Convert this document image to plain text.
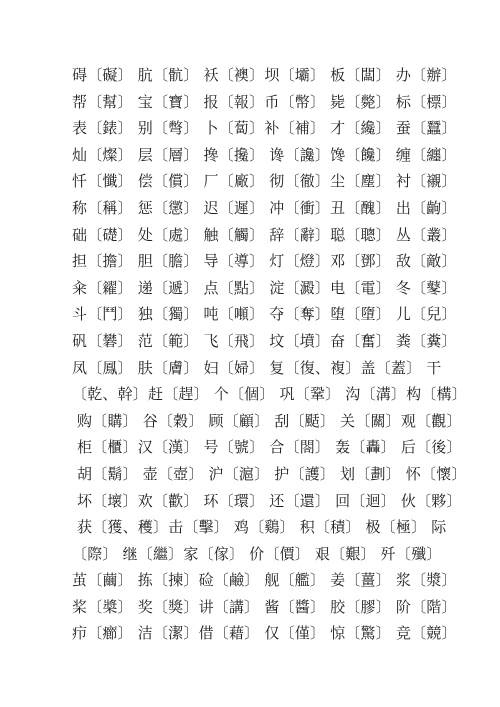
碍〔礙〕 肮〔骯〕 袄〔襖〕坝〔壩〕 板〔闆〕 办〔辦〕
帮〔幫〕 宝〔寶〕 报〔報〕币〔幣〕 毙〔斃〕 标〔標〕
表〔錶〕 别〔彆〕 卜〔蔔〕补〔補〕 才〔纔〕 蚕〔蠶〕
灿〔燦〕 层〔層〕 搀〔攙〕 谗〔讒〕馋〔饞〕 缠〔纏〕
忏〔懺〕 偿〔償〕 厂〔廠〕 彻〔徹〕尘〔塵〕 衬〔襯〕
称〔稱〕 惩〔懲〕 迟〔遲〕 冲〔衝〕丑〔醜〕 出〔齣〕
础〔礎〕 处〔處〕 触〔觸〕 辞〔辭〕聪〔聰〕 丛〔叢〕
担〔擔〕 胆〔膽〕 导〔導〕 灯〔燈〕邓〔鄧〕 敌〔敵〕
籴〔糴〕 递〔遞〕 点〔點〕 淀〔澱〕电〔電〕 冬〔鼕〕
斗〔鬥〕 独〔獨〕 吨〔噸〕 夺〔奪〕堕〔墮〕 儿〔兒〕
矾〔礬〕 范〔範〕 飞〔飛〕 坟〔墳〕奋〔奮〕 粪〔糞〕
凤〔鳳〕 肤〔膚〕 妇〔婦〕 复〔復、複〕盖〔蓋〕 干
〔乾、幹〕赶〔趕〕 个〔個〕 巩〔鞏〕 沟〔溝〕构〔構〕
购〔購〕 谷〔穀〕 顾〔顧〕 刮〔颳〕 关〔關〕观〔觀〕
柜〔櫃〕汉〔漢〕 号〔號〕 合〔閤〕 轰〔轟〕 后〔後〕
胡〔鬍〕 壶〔壺〕 沪〔滬〕 护〔護〕 划〔劃〕 怀〔懷〕
坏〔壞〕欢〔歡〕 环〔環〕 还〔還〕 回〔迴〕 伙〔夥〕
获〔獲、穫〕击〔擊〕 鸡〔鷄〕 积〔積〕 极〔極〕 际
〔際〕 继〔繼〕家〔傢〕 价〔價〕 艰〔艱〕 歼〔殲〕
茧〔繭〕 拣〔揀〕硷〔鹼〕 舰〔艦〕 姜〔薑〕 浆〔漿〕
桨〔槳〕 奖〔獎〕讲〔講〕 酱〔醬〕 胶〔膠〕 阶〔階〕
疖〔癤〕 洁〔潔〕借〔藉〕 仅〔僅〕 惊〔驚〕 竞〔競〕
